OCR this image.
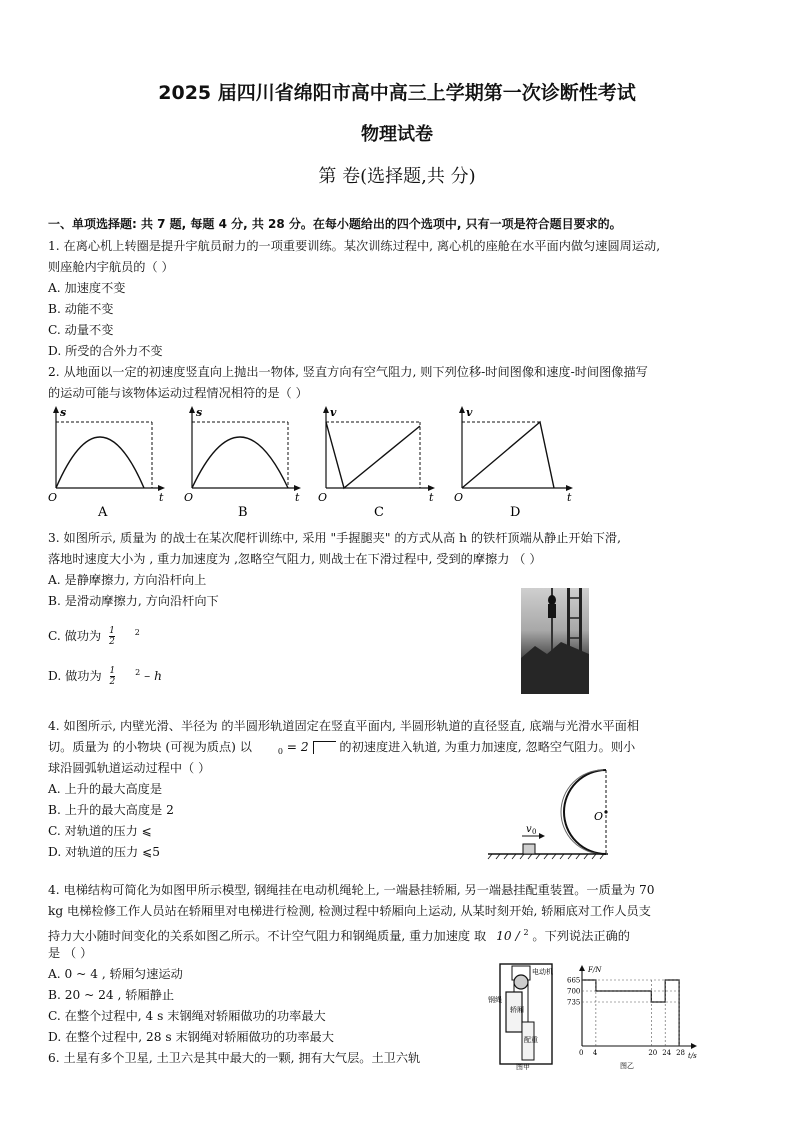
2025 届四川省绵阳市高中高三上学期第一次诊断性考试
物理试卷
第 卷(选择题,共 分)
一、单项选择题: 共 7 题, 每题 4 分, 共 28 分。在每小题给出的四个选项中, 只有一项是符合题目要求的。
1. 在离心机上转圈是提升宇航员耐力的一项重要训练。某次训练过程中, 离心机的座舱在水平面内做匀速圆周运动,
则座舱内宇航员的（ ）
A. 加速度不变
B. 动能不变
C. 动量不变
D. 所受的合外力不变
2. 从地面以一定的初速度竖直向上抛出一物体, 竖直方向有空气阻力, 则下列位移-时间图像和速度-时间图像描写
的运动可能与该物体运动过程情况相符的是（ ）
s
t
O
A
s
t
O
B
v
t
O
C
v
t
O
D
3. 如图所示, 质量为 的战士在某次爬杆训练中, 采用 "手握腿夹" 的方式从高 h 的铁杆顶端从静止开始下滑,
落地时速度大小为 , 重力加速度为 ,忽略空气阻力, 则战士在下滑过程中, 受到的摩擦力 （ ）
A. 是静摩擦力, 方向沿杆向上
B. 是滑动摩擦力, 方向沿杆向下
C. 做功为 $\frac{1}{2} ^2$
D. 做功为 $\frac{1}{2} ^2$ – h
4. 如图所示, 内壁光滑、半径为 的半圆形轨道固定在竖直平面内, 半圆形轨道的直径竖直, 底端与光滑水平面相
切。质量为 的小物块 (可视为质点) 以	$_0$ = 2	的初速度进入轨道, 为重力加速度, 忽略空气阻力。则小
球沿圆弧轨道运动过程中（ ）
A. 上升的最大高度是
B. 上升的最大高度是 2
C. 对轨道的压力 ⩽
D. 对轨道的压力 ⩽5
O
v 0
4. 电梯结构可简化为如图甲所示模型, 钢绳挂在电动机绳轮上, 一端悬挂轿厢, 另一端悬挂配重装置。一质量为 70
kg 电梯检修工作人员站在轿厢里对电梯进行检测, 检测过程中轿厢向上运动, 从某时刻开始, 轿厢底对工作人员支
持力大小随时间变化的关系如图乙所示。不计空气阻力和钢绳质量, 重力加速度 取 10 / $^2$ 。下列说法正确的
是 （ ）
A. 0 ~ 4 , 轿厢匀速运动
B. 20 ~ 24 , 轿厢静止
C. 在整个过程中, 4 s 末钢绳对轿厢做功的功率最大
D. 在整个过程中, 28 s 末钢绳对轿厢做功的功率最大
6. 土星有多个卫星, 土卫六是其中最大的一颗, 拥有大气层。土卫六轨
电动机
钢绳
轿厢
配重
图甲
735
700
665
0 4	20 24 28
F/N
t/s
图乙
